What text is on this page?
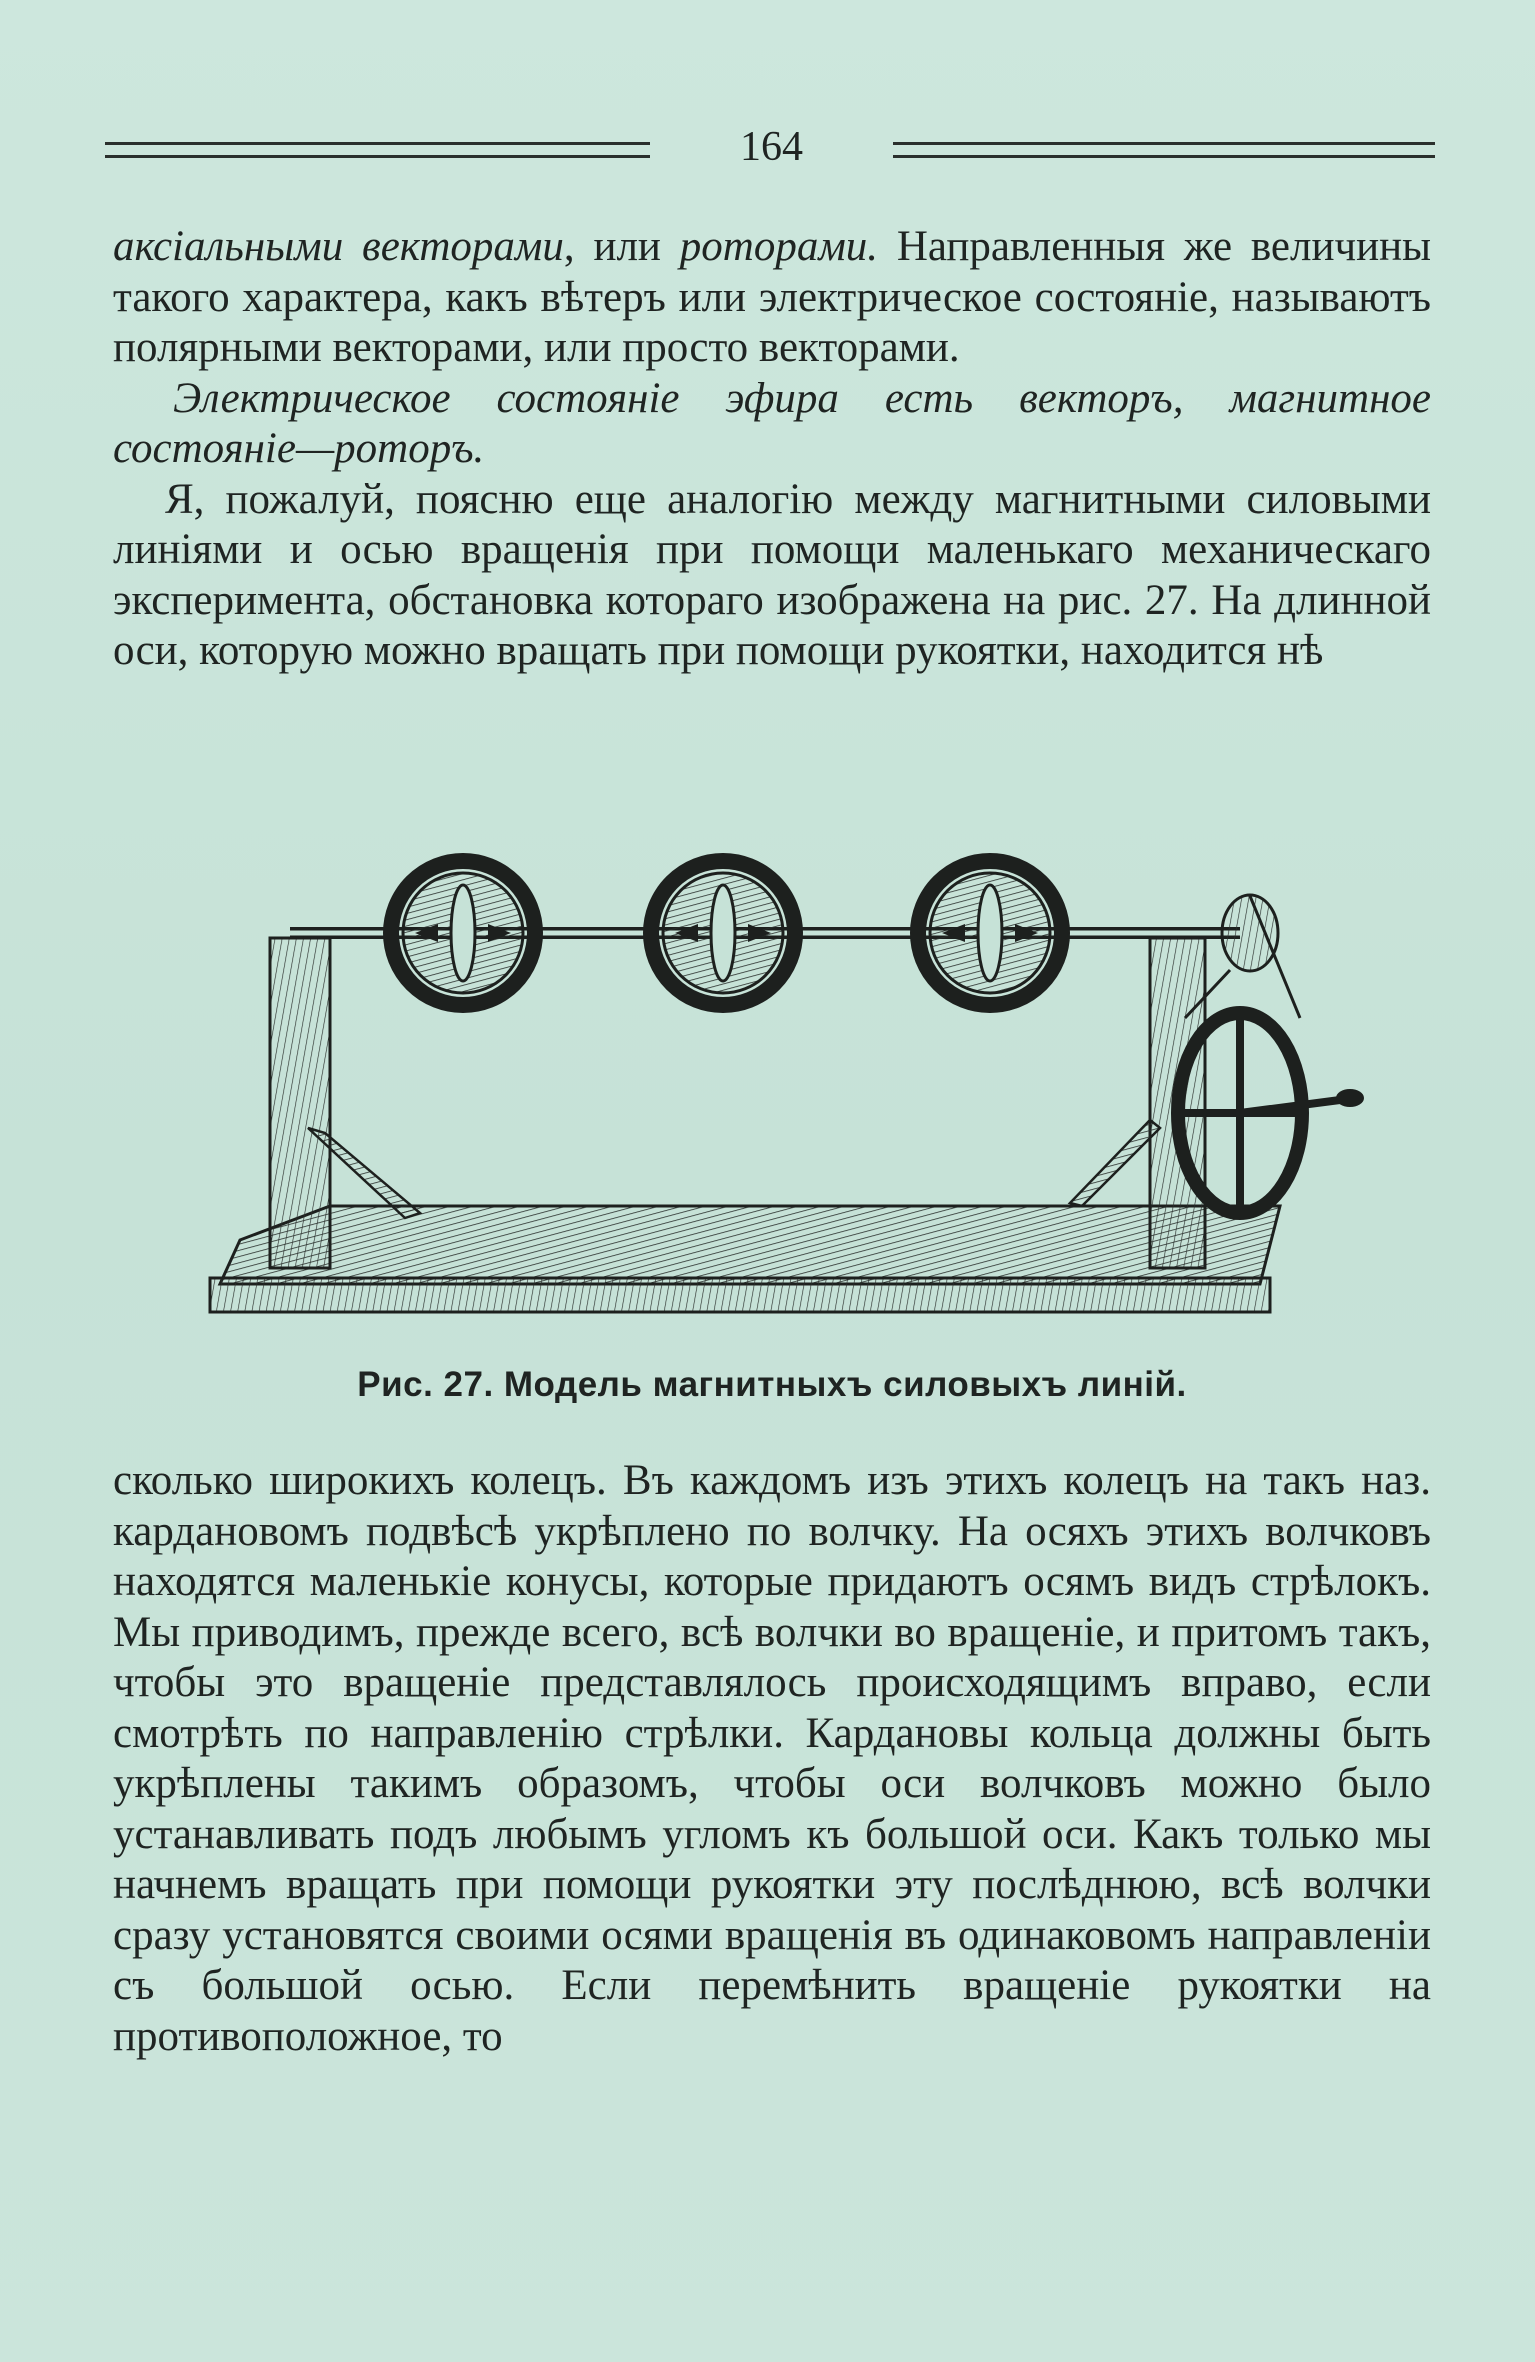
164

аксіальными векторами, или роторами. Направленныя же величины такого характера, какъ вѣтеръ или электрическое состояніе, называютъ полярными векторами, или просто векторами.

Электрическое состояніе эфира есть векторъ, магнитное состояніе—роторъ.

Я, пожалуй, поясню еще аналогію между магнитными силовыми линіями и осью вращенія при помощи маленькаго механическаго эксперимента, обстановка котораго изображена на рис. 27. На длинной оси, которую можно вращать при помощи рукоятки, находится нѣ

Рис. 27. Модель магнитныхъ силовыхъ линій.

сколько широкихъ колецъ. Въ каждомъ изъ этихъ колецъ на такъ наз. кардановомъ подвѣсѣ укрѣплено по волчку. На осяхъ этихъ волчковъ находятся маленькіе конусы, которые придаютъ осямъ видъ стрѣлокъ. Мы приводимъ, прежде всего, всѣ волчки во вращеніе, и притомъ такъ, чтобы это вращеніе представлялось происходящимъ вправо, если смотрѣть по направленію стрѣлки. Кардановы кольца должны быть укрѣплены такимъ образомъ, чтобы оси волчковъ можно было устанавливать подъ любымъ угломъ къ большой оси. Какъ только мы начнемъ вращать при помощи рукоятки эту послѣднюю, всѣ волчки сразу установятся своими осями вращенія въ одинаковомъ направленіи съ большой осью. Если перемѣнить вращеніе рукоятки на противоположное, то
